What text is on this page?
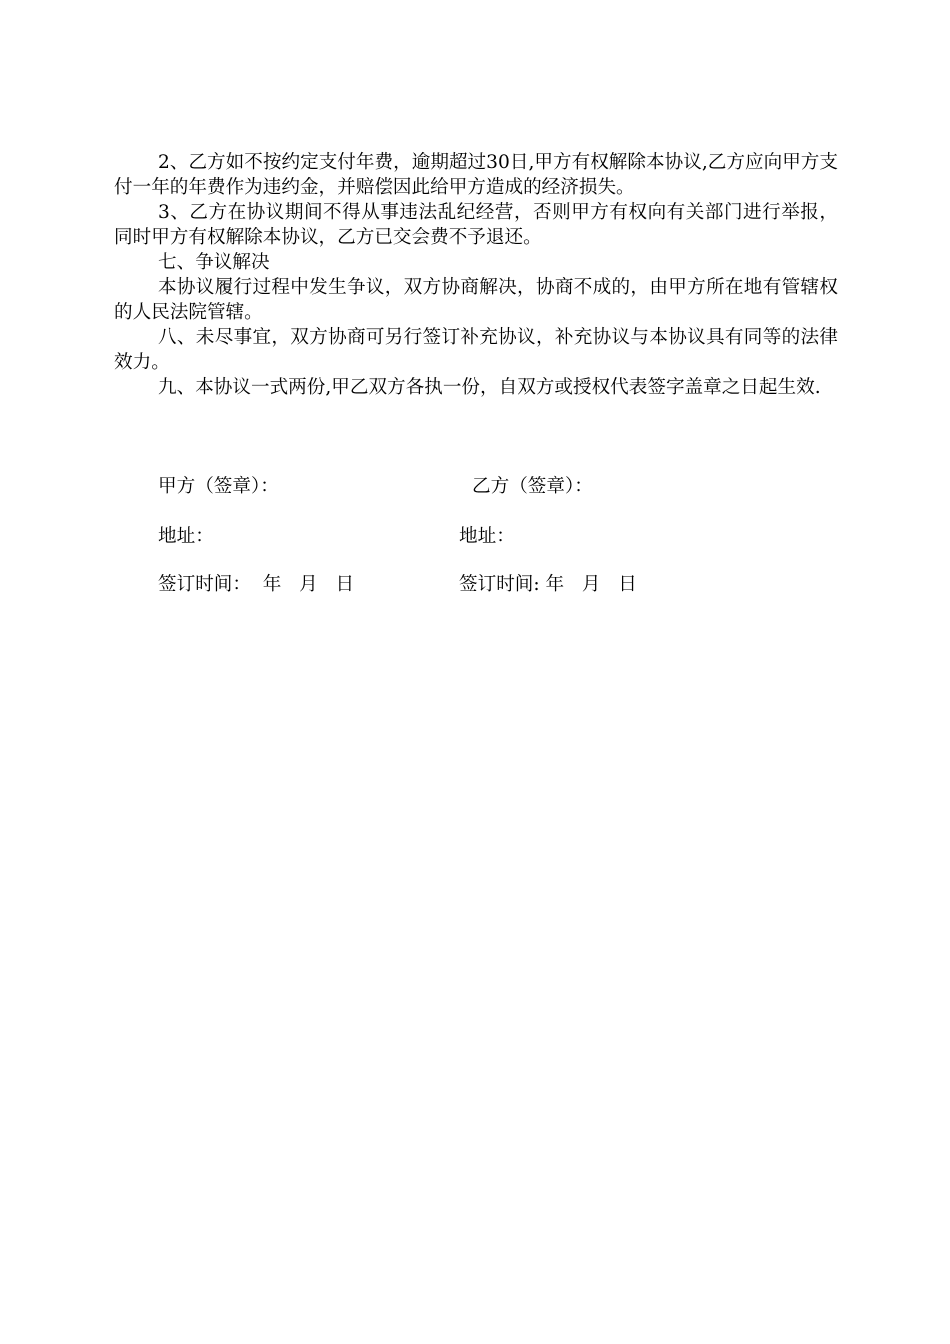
2、乙方如不按约定支付年费，逾期超过30日,甲方有权解除本协议,乙方应向甲方支付一年的年费作为违约金，并赔偿因此给甲方造成的经济损失。

3、乙方在协议期间不得从事违法乱纪经营，否则甲方有权向有关部门进行举报，同时甲方有权解除本协议，乙方已交会费不予退还。

七、争议解决

本协议履行过程中发生争议，双方协商解决，协商不成的，由甲方所在地有管辖权的人民法院管辖。

八、未尽事宜，双方协商可另行签订补充协议，补充协议与本协议具有同等的法律效力。

九、本协议一式两份,甲乙双方各执一份，自双方或授权代表签字盖章之日起生效.

甲方（签章）：	乙方（签章）：
地址：	地址：
签订时间：  年   月   日	签订时间: 年   月   日
